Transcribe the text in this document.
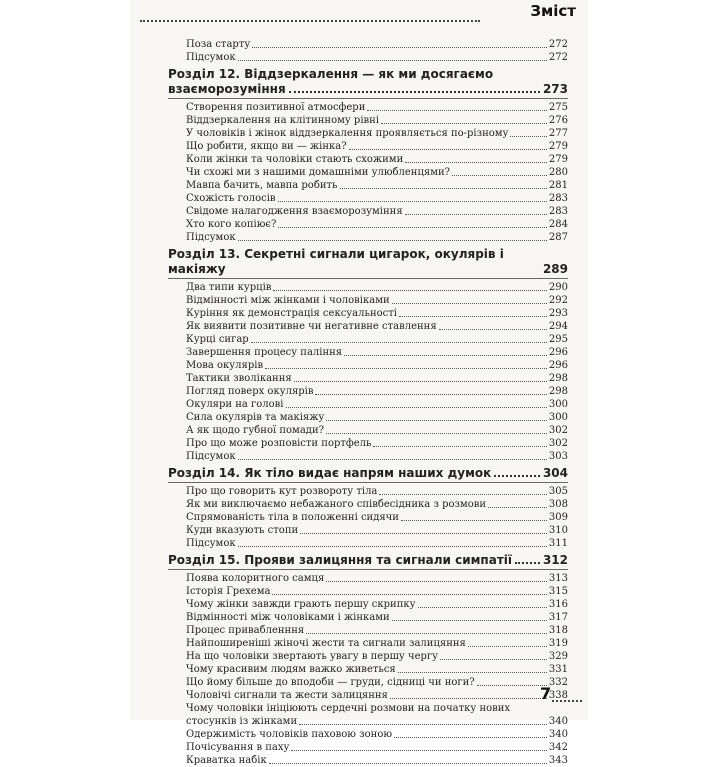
Зміст
Поза старту	272
Підсумок	272
Розділ 12. Віддзеркалення — як ми досягаємо
взаєморозуміння	273
Створення позитивної атмосфери	275
Віддзеркалення на клітинному рівні	276
У чоловіків і жінок віддзеркалення проявляється по-різному	277
Що робити, якщо ви — жінка?	279
Коли жінки та чоловіки стають схожими	279
Чи схожі ми з нашими домашніми улюбленцями?	280
Мавпа бачить, мавпа робить	281
Схожість голосів	283
Свідоме налагодження взаєморозуміння	283
Хто кого копіює?	284
Підсумок	287
Розділ 13. Секретні сигнали цигарок, окулярів і макіяжу	289
Два типи курців	290
Відмінності між жінками і чоловіками	292
Куріння як демонстрація сексуальності	293
Як виявити позитивне чи негативне ставлення	294
Курці сигар	295
Завершення процесу паління	296
Мова окулярів	296
Тактики зволікання	298
Погляд поверх окулярів	298
Окуляри на голові	300
Сила окулярів та макіяжу	300
А як щодо губної помади?	302
Про що може розповісти портфель	302
Підсумок	303
Розділ 14. Як тіло видає напрям наших думок	304
Про що говорить кут розвороту тіла	305
Як ми виключаємо небажаного співбесідника з розмови	308
Спрямованість тіла в положенні сидячи	309
Куди вказують стопи	310
Підсумок	311
Розділ 15. Прояви залицяння та сигнали симпатії	312
Поява колоритного самця	313
Історія Грехема	315
Чому жінки завжди грають першу скрипку	316
Відмінності між чоловіками і жінками	317
Процес привабленння	318
Найпоширеніші жіночі жести та сигнали залицяння	319
На що чоловіки звертають увагу в першу чергу	329
Чому красивим людям важко живеться	331
Що йому більше до вподоби — груди, сідниці чи ноги?	332
Чоловічі сигнали та жести залицяння	338
Чому чоловіки ініціюють сердечні розмови на початку нових
стосунків із жінками	340
Одержимість чоловіків паховою зоною	340
Почісування в паху	342
Краватка набік	343
7
